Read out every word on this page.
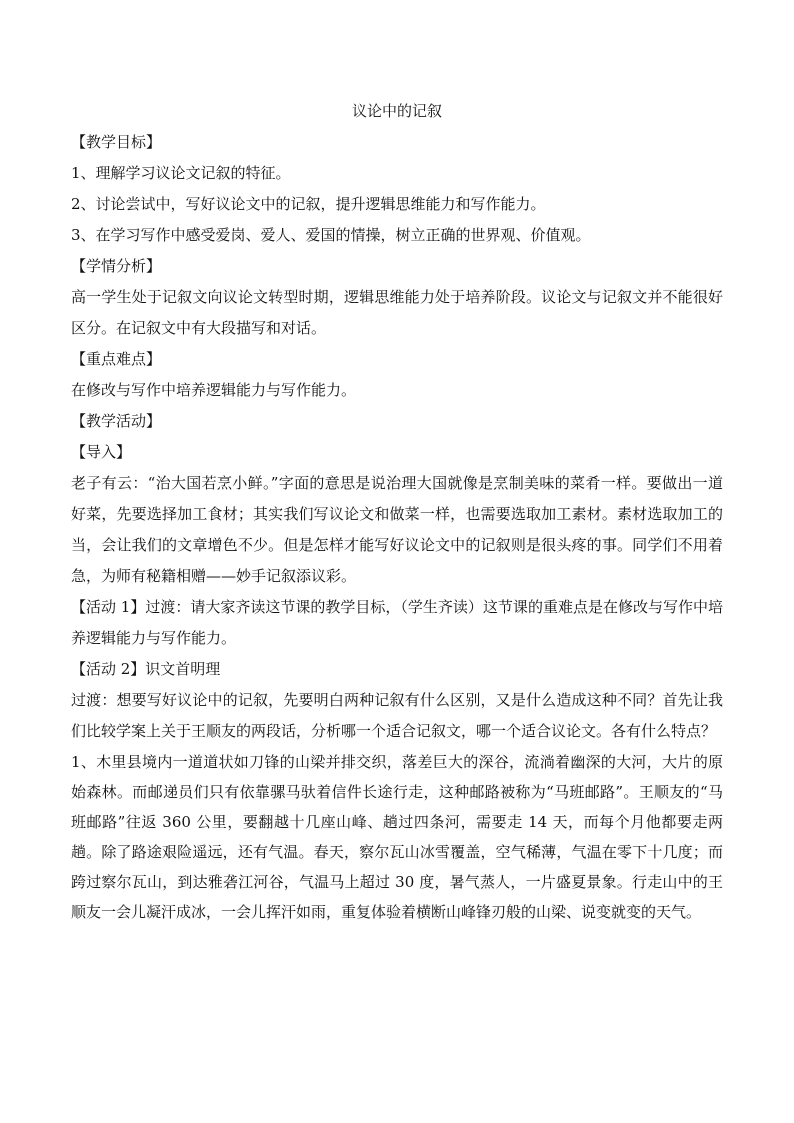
议论中的记叙

【教学目标】

1、理解学习议论文记叙的特征。

2、讨论尝试中，写好议论文中的记叙，提升逻辑思维能力和写作能力。

3、在学习写作中感受爱岗、爱人、爱国的情操，树立正确的世界观、价值观。

【学情分析】

高一学生处于记叙文向议论文转型时期，逻辑思维能力处于培养阶段。议论文与记叙文并不能很好区分。在记叙文中有大段描写和对话。

【重点难点】

在修改与写作中培养逻辑能力与写作能力。

【教学活动】

【导入】

老子有云：“治大国若烹小鲜。”字面的意思是说治理大国就像是烹制美味的菜肴一样。要做出一道好菜，先要选择加工食材；其实我们写议论文和做菜一样，也需要选取加工素材。素材选取加工的当，会让我们的文章增色不少。但是怎样才能写好议论文中的记叙则是很头疼的事。同学们不用着急，为师有秘籍相赠——妙手记叙添议彩。

【活动 1】过渡：请大家齐读这节课的教学目标，（学生齐读）这节课的重难点是在修改与写作中培养逻辑能力与写作能力。

【活动 2】识文首明理

过渡：想要写好议论中的记叙，先要明白两种记叙有什么区别，又是什么造成这种不同？首先让我们比较学案上关于王顺友的两段话，分析哪一个适合记叙文，哪一个适合议论文。各有什么特点？

1、木里县境内一道道状如刀锋的山梁并排交织，落差巨大的深谷，流淌着幽深的大河，大片的原始森林。而邮递员们只有依靠骡马驮着信件长途行走，这种邮路被称为“马班邮路”。王顺友的“马班邮路”往返 360 公里，要翻越十几座山峰、趟过四条河，需要走 14 天，而每个月他都要走两趟。除了路途艰险遥远，还有气温。春天，察尔瓦山冰雪覆盖，空气稀薄，气温在零下十几度；而跨过察尔瓦山，到达雅砻江河谷，气温马上超过 30 度，暑气蒸人，一片盛夏景象。行走山中的王顺友一会儿凝汗成冰，一会儿挥汗如雨，重复体验着横断山峰锋刃般的山梁、说变就变的天气。
